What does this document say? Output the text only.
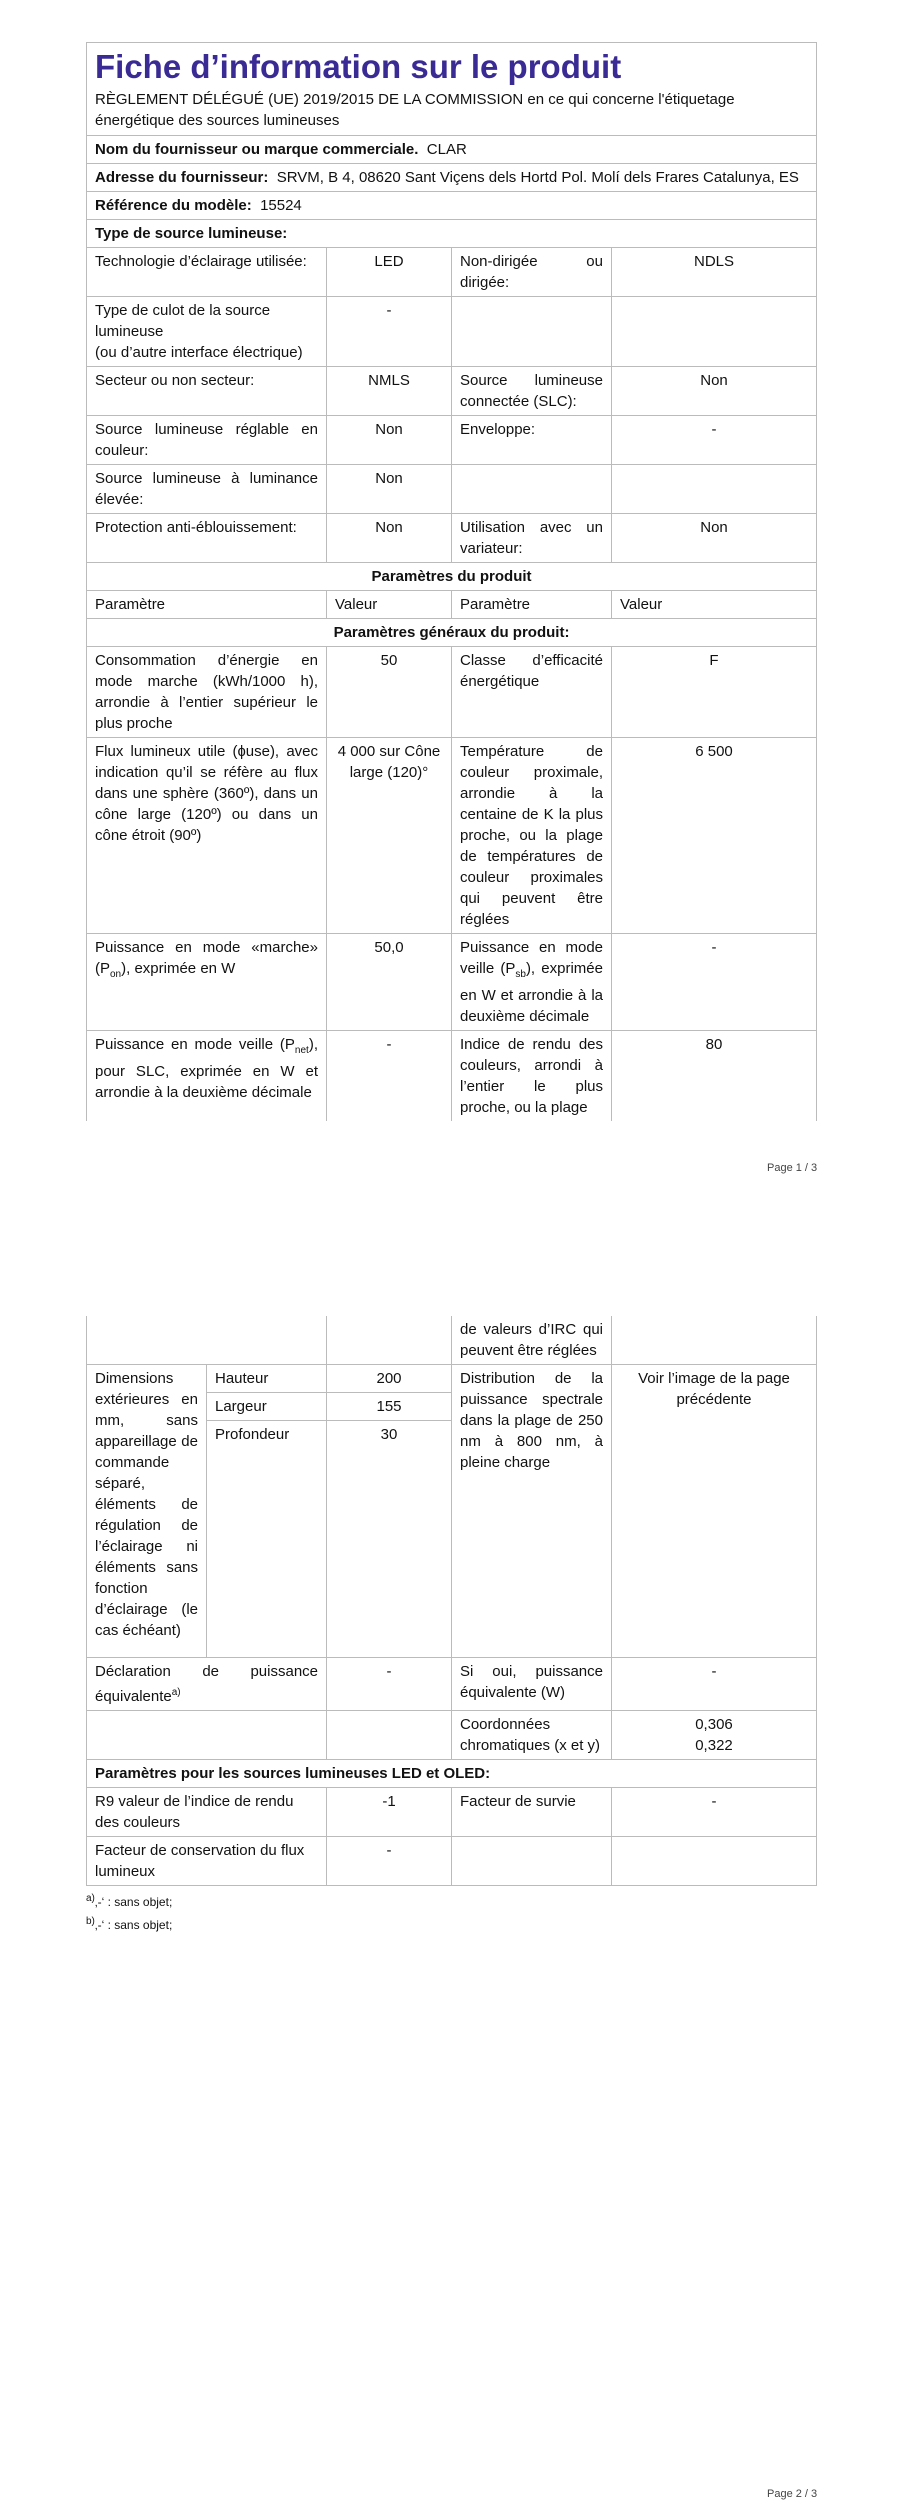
Fiche d’information sur le produit
RÈGLEMENT DÉLÉGUÉ (UE) 2019/2015 DE LA COMMISSION en ce qui concerne l'étiquetage énergétique des sources lumineuses			

Nom du fournisseur ou marque commerciale. CLAR			
Adresse du fournisseur: SRVM, B 4, 08620 Sant Viçens dels Hortd Pol. Molí dels Frares Catalunya, ES			
Référence du modèle: 15524			
Type de source lumineuse:			
Technologie d’éclairage utilisée:	LED	Non-dirigée ou dirigée:	NDLS
Type de culot de la source lumineuse
(ou d’autre interface électrique)	-		
Secteur ou non secteur:	NMLS	Source lumineuse connectée (SLC):	Non
Source lumineuse réglable en couleur:	Non	Enveloppe:	-
Source lumineuse à luminance élevée:	Non		
Protection anti-éblouissement:	Non	Utilisation avec un variateur:	Non
Paramètres du produit			
Paramètre	Valeur	Paramètre	Valeur
Paramètres généraux du produit:			
Consommation d’énergie en mode marche (kWh/1000 h), arrondie à l’entier supérieur le plus proche	50	Classe d’efficacité énergétique	F
Flux lumineux utile (ɸuse), avec indication qu’il se réfère au flux dans une sphère (360º), dans un cône large (120º) ou dans un cône étroit (90º)	4 000 sur Cône large (120)°	Température de couleur proximale, arrondie à la centaine de K la plus proche, ou la plage de températures de couleur proximales qui peuvent être réglées	6 500
Puissance en mode «marche» $(P_{on})$, exprimée en W	50,0	Puissance en mode veille $(P_{sb})$, exprimée en W et arrondie à la deuxième décimale	-
Puissance en mode veille $(P_{net})$, pour SLC, exprimée en W et arrondie à la deuxième décimale	-	Indice de rendu des couleurs, arrondi à l’entier le plus proche, ou la plage	80
Page 1 / 3
			de valeurs d’IRC qui peuvent être réglées	
Dimensions extérieures en mm, sans appareillage de commande séparé, éléments de régulation de l’éclairage ni éléments sans fonction d’éclairage (le cas échéant)	Hauteur	200	Distribution de la puissance spectrale dans la plage de 250 nm à 800 nm, à pleine charge	Voir l’image de la page précédente
	Largeur	155		
	Profondeur	30		
Déclaration de puissance équivalente$^{a)}$		-	Si oui, puissance équivalente (W)	-
			Coordonnées chromatiques (x et y)	0,306
0,322
Paramètres pour les sources lumineuses LED et OLED:				
R9 valeur de l’indice de rendu des couleurs		-1	Facteur de survie	-
Facteur de conservation du flux lumineux		-		

$^{a)}$‚-‘ : sans objet;

$^{b)}$‚-‘ : sans objet;

Page 2 / 3
